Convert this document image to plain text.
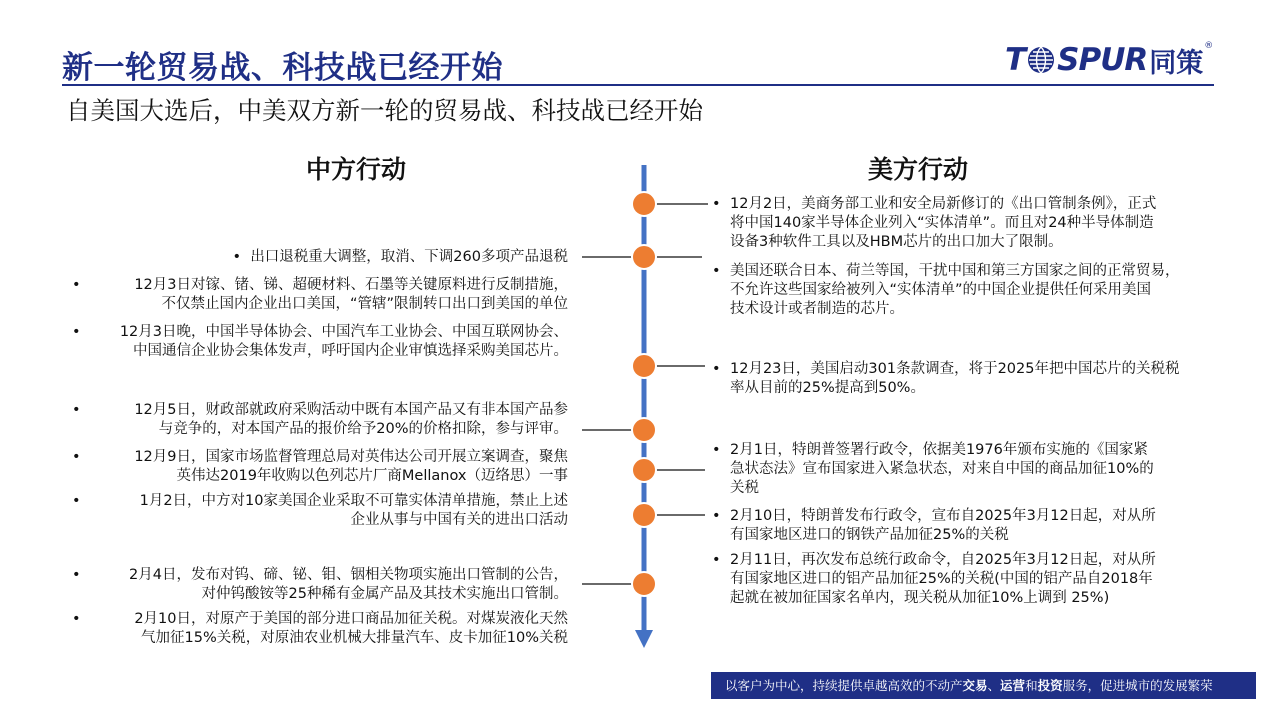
新一轮贸易战、科技战已经开始	T SPUR 同策
®
自美国大选后，中美双方新一轮的贸易战、科技战已经开始
中方行动	美方行动
• 出口退税重大调整，取消、下调260多项产品退税
•	12月3日对镓、锗、锑、超硬材料、石墨等关键原料进行反制措施，
不仅禁止国内企业出口美国，“管辖”限制转口出口到美国的单位
•	12月3日晚，中国半导体协会、中国汽车工业协会、中国互联网协会、
中国通信企业协会集体发声，呼吁国内企业审慎选择采购美国芯片。
•	12月5日，财政部就政府采购活动中既有本国产品又有非本国产品参
与竞争的，对本国产品的报价给予20%的价格扣除，参与评审。
•	12月9日，国家市场监督管理总局对英伟达公司开展立案调查，聚焦
英伟达2019年收购以色列芯片厂商Mellanox（迈络思）一事
•	1月2日，中方对10家美国企业采取不可靠实体清单措施，禁止上述
企业从事与中国有关的进出口活动
•	2月4日，发布对钨、碲、铋、钼、铟相关物项实施出口管制的公告，
对仲钨酸铵等25种稀有金属产品及其技术实施出口管制。
•	2月10日，对原产于美国的部分进口商品加征关税。对煤炭液化天然
气加征15%关税，对原油农业机械大排量汽车、皮卡加征10%关税
• 12月2日，美商务部工业和安全局新修订的《出口管制条例》，正式
将中国140家半导体企业列入“实体清单”。而且对24种半导体制造
设备3种软件工具以及HBM芯片的出口加大了限制。
• 美国还联合日本、荷兰等国，干扰中国和第三方国家之间的正常贸易，
不允许这些国家给被列入“实体清单”的中国企业提供任何采用美国
技术设计或者制造的芯片。
• 12月23日，美国启动301条款调查，将于2025年把中国芯片的关税税
率从目前的25%提高到50%。
• 2月1日，特朗普签署行政令，依据美1976年颁布实施的《国家紧
急状态法》宣布国家进入紧急状态，对来自中国的商品加征10%的
关税
• 2月10日，特朗普发布行政令，宣布自2025年3月12日起，对从所
有国家地区进口的钢铁产品加征25%的关税
• 2月11日，再次发布总统行政命令，自2025年3月12日起，对从所
有国家地区进口的铝产品加征25%的关税(中国的铝产品自2018年
起就在被加征国家名单内，现关税从加征10%上调到 25%)
以客户为中心，持续提供卓越高效的不动产交易、运营和投资服务，促进城市的发展繁荣
